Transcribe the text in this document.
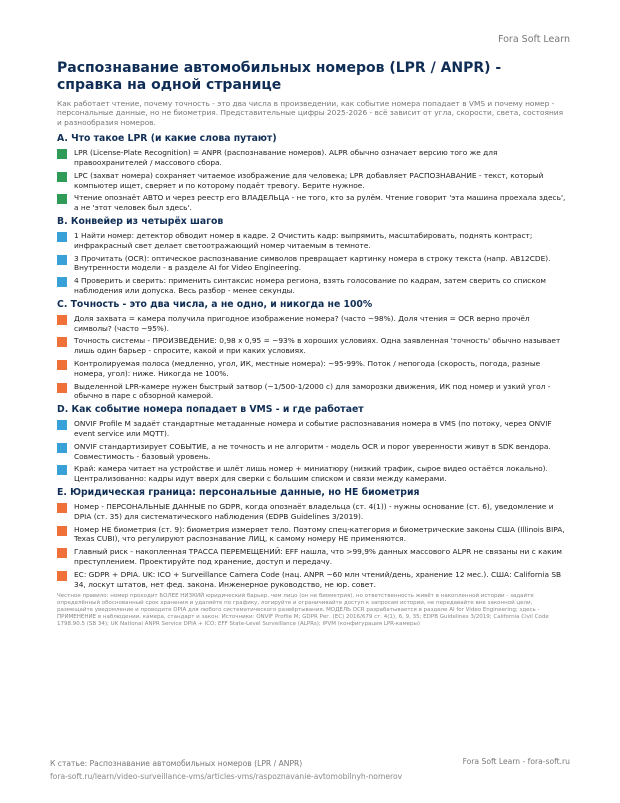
Fora Soft Learn
Распознавание автомобильных номеров (LPR / ANPR) - справка на одной странице
Как работает чтение, почему точность - это два числа в произведении, как событие номера попадает в VMS и почему номер - персональные данные, но не биометрия. Представительные цифры 2025-2026 - всё зависит от угла, скорости, света, состояния и разнообразия номеров.
A. Что такое LPR (и какие слова путают)
LPR (License-Plate Recognition) = ANPR (распознавание номеров). ALPR обычно означает версию того же для правоохранителей / массового сбора.
LPC (захват номера) сохраняет читаемое изображение для человека; LPR добавляет РАСПОЗНАВАНИЕ - текст, который компьютер ищет, сверяет и по которому подаёт тревогу. Берите нужное.
Чтение опознаёт АВТО и через реестр его ВЛАДЕЛЬЦА - не того, кто за рулём. Чтение говорит 'эта машина проехала здесь', а не 'этот человек был здесь'.
B. Конвейер из четырёх шагов
1 Найти номер: детектор обводит номер в кадре. 2 Очистить кадр: выпрямить, масштабировать, поднять контраст; инфракрасный свет делает светоотражающий номер читаемым в темноте.
3 Прочитать (OCR): оптическое распознавание символов превращает картинку номера в строку текста (напр. AB12CDE). Внутренности модели - в разделе AI for Video Engineering.
4 Проверить и сверить: применить синтаксис номера региона, взять голосование по кадрам, затем сверить со списком наблюдения или допуска. Весь разбор - менее секунды.
C. Точность - это два числа, а не одно, и никогда не 100%
Доля захвата = камера получила пригодное изображение номера? (часто ~98%). Доля чтения = OCR верно прочёл символы? (часто ~95%).
Точность системы - ПРОИЗВЕДЕНИЕ: 0,98 x 0,95 = ~93% в хороших условиях. Одна заявленная 'точность' обычно называет лишь один барьер - спросите, какой и при каких условиях.
Контролируемая полоса (медленно, угол, ИК, местные номера): ~95-99%. Поток / непогода (скорость, погода, разные номера, угол): ниже. Никогда не 100%.
Выделенной LPR-камере нужен быстрый затвор (~1/500-1/2000 с) для заморозки движения, ИК под номер и узкий угол - обычно в паре с обзорной камерой.
D. Как событие номера попадает в VMS - и где работает
ONVIF Profile M задаёт стандартные метаданные номера и событие распознавания номера в VMS (по потоку, через ONVIF event service или MQTT).
ONVIF стандартизирует СОБЫТИЕ, а не точность и не алгоритм - модель OCR и порог уверенности живут в SDK вендора. Совместимость - базовый уровень.
Край: камера читает на устройстве и шлёт лишь номер + миниатюру (низкий трафик, сырое видео остаётся локально). Централизованно: кадры идут вверх для сверки с большим списком и связи между камерами.
E. Юридическая граница: персональные данные, но НЕ биометрия
Номер - ПЕРСОНАЛЬНЫЕ ДАННЫЕ по GDPR, когда опознаёт владельца (ст. 4(1)) - нужны основание (ст. 6), уведомление и DPIA (ст. 35) для систематического наблюдения (EDPB Guidelines 3/2019).
Номер НЕ биометрия (ст. 9): биометрия измеряет тело. Поэтому спец-категория и биометрические законы США (Illinois BIPA, Texas CUBI), что регулируют распознавание ЛИЦ, к самому номеру НЕ применяются.
Главный риск - накопленная ТРАССА ПЕРЕМЕЩЕНИЙ: EFF нашла, что >99,9% данных массового ALPR не связаны ни с каким преступлением. Проектируйте под хранение, доступ и передачу.
ЕС: GDPR + DPIA. UK: ICO + Surveillance Camera Code (нац. ANPR ~60 млн чтений/день, хранение 12 мес.). США: California SB 34, лоскут штатов, нет фед. закона. Инженерное руководство, не юр. совет.
Честное правило: номер проходит БОЛЕЕ НИЗКИЙ юридический барьер, чем лицо (он не биометрия), но ответственность живёт в накопленной истории - задайте определённый обоснованный срок хранения и удаляйте по графику, логируйте и ограничивайте доступ к запросам истории, не передавайте вне законной цели, размещайте уведомление и проводите DPIA для любого систематического развёртывания. МОДЕЛЬ OCR разрабатывается в разделе AI for Video Engineering; здесь - ПРИМЕНЕНИЕ в наблюдении, камера, стандарт и закон. Источники: ONVIF Profile M; GDPR Рег. (ЕС) 2016/679 ст. 4(1), 6, 9, 35; EDPB Guidelines 3/2019; California Civil Code 1798.90.5 (SB 34); UK National ANPR Service DPIA + ICO; EFF State-Level Surveillance (ALPRs); IPVM (конфигурация LPR-камеры)
К статье: Распознавание автомобильных номеров (LPR / ANPR)
fora-soft.ru/learn/video-surveillance-vms/articles-vms/raspoznavanie-avtomobilnyh-nomerov
Fora Soft Learn - fora-soft.ru
